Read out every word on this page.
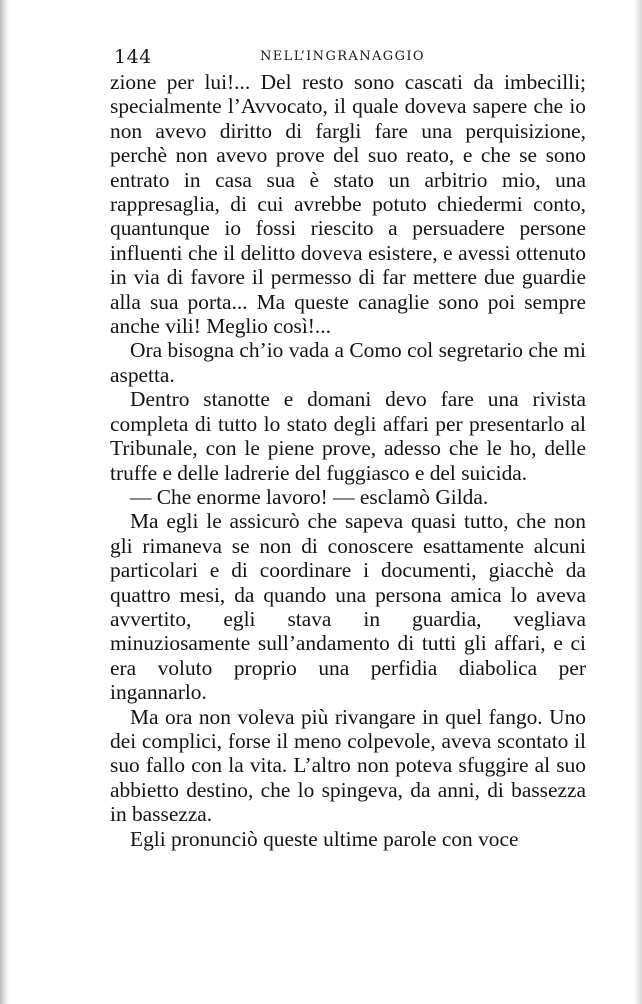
144	NELL’INGRANAGGIO

zione per lui!... Del resto sono cascati da imbecilli; specialmente l’Avvocato, il quale doveva sapere che io non avevo diritto di fargli fare una perquisizione, perchè non avevo prove del suo reato, e che se sono entrato in casa sua è stato un arbitrio mio, una rappresaglia, di cui avrebbe potuto chiedermi conto, quantunque io fossi riescito a persuadere persone influenti che il delitto doveva esistere, e avessi ottenuto in via di favore il permesso di far mettere due guardie alla sua porta... Ma queste canaglie sono poi sempre anche vili! Meglio così!...

Ora bisogna ch’io vada a Como col segretario che mi aspetta.

Dentro stanotte e domani devo fare una rivista completa di tutto lo stato degli affari per presentarlo al Tribunale, con le piene prove, adesso che le ho, delle truffe e delle ladrerie del fuggiasco e del suicida.

— Che enorme lavoro! — esclamò Gilda.

Ma egli le assicurò che sapeva quasi tutto, che non gli rimaneva se non di conoscere esattamente alcuni particolari e di coordinare i documenti, giacchè da quattro mesi, da quando una persona amica lo aveva avvertito, egli stava in guardia, vegliava minuziosamente sull’andamento di tutti gli affari, e ci era voluto proprio una perfidia diabolica per ingannarlo.

Ma ora non voleva più rivangare in quel fango. Uno dei complici, forse il meno colpevole, aveva scontato il suo fallo con la vita. L’altro non poteva sfuggire al suo abbietto destino, che lo spingeva, da anni, di bassezza in bassezza.

Egli pronunciò queste ultime parole con voce
